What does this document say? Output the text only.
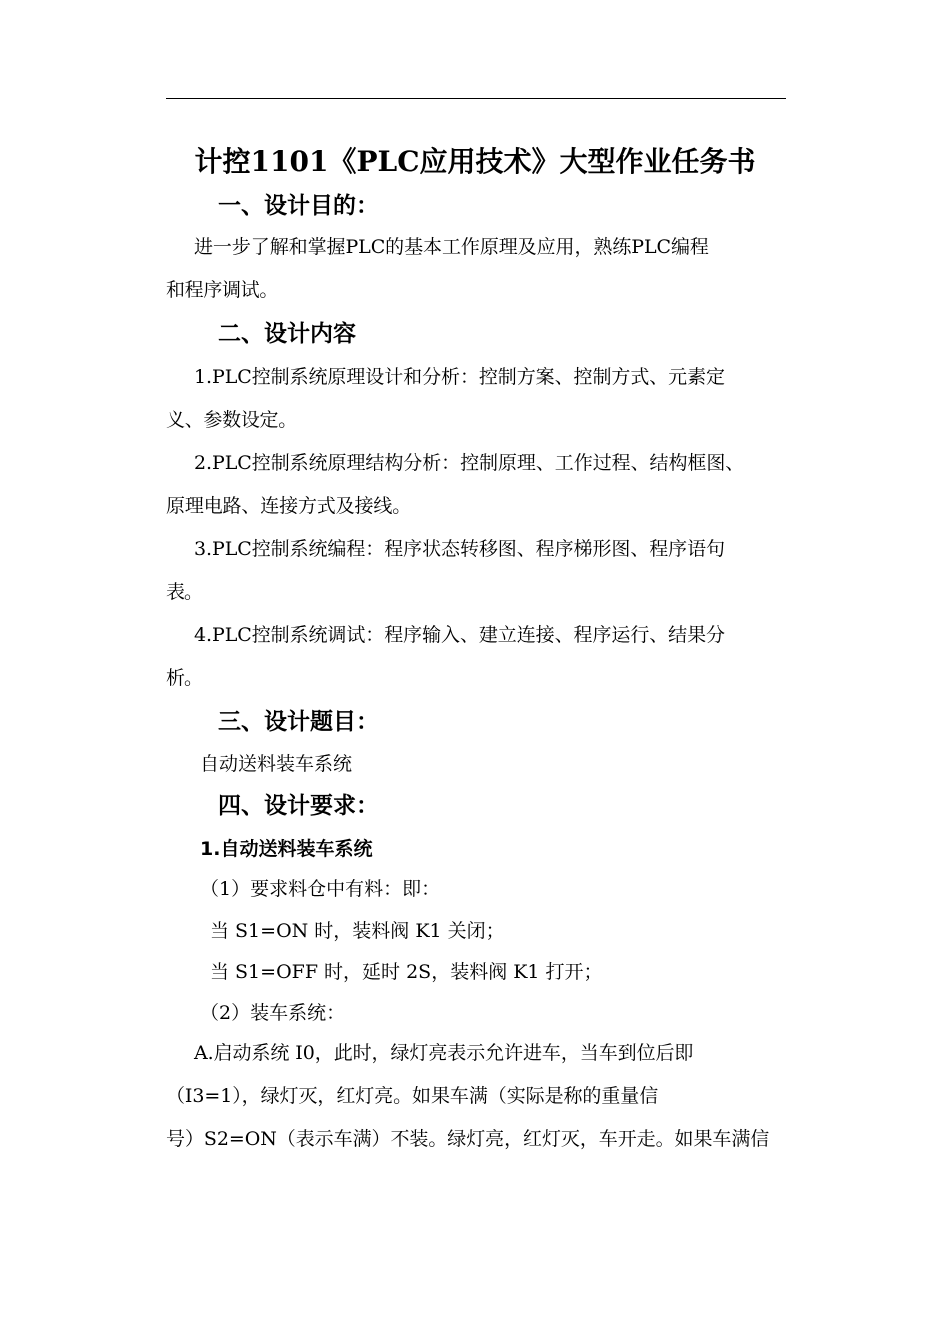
计控1101《PLC应用技术》大型作业任务书
一、设计目的：
进一步了解和掌握PLC的基本工作原理及应用，熟练PLC编程
和程序调试。
二、设计内容
1.PLC控制系统原理设计和分析：控制方案、控制方式、元素定
义、参数设定。
2.PLC控制系统原理结构分析：控制原理、工作过程、结构框图、
原理电路、连接方式及接线。
3.PLC控制系统编程：程序状态转移图、程序梯形图、程序语句
表。
4.PLC控制系统调试：程序输入、建立连接、程序运行、结果分
析。
三、设计题目：
自动送料装车系统
四、设计要求：
1.自动送料装车系统
（1）要求料仓中有料：即：
当 S1=ON 时，装料阀 K1 关闭；
当 S1=OFF 时，延时 2S，装料阀 K1 打开；
（2）装车系统：
A.启动系统 I0，此时，绿灯亮表示允许进车，当车到位后即
（I3=1），绿灯灭，红灯亮。如果车满（实际是称的重量信
号）S2=ON（表示车满）不装。绿灯亮，红灯灭，车开走。如果车满信
